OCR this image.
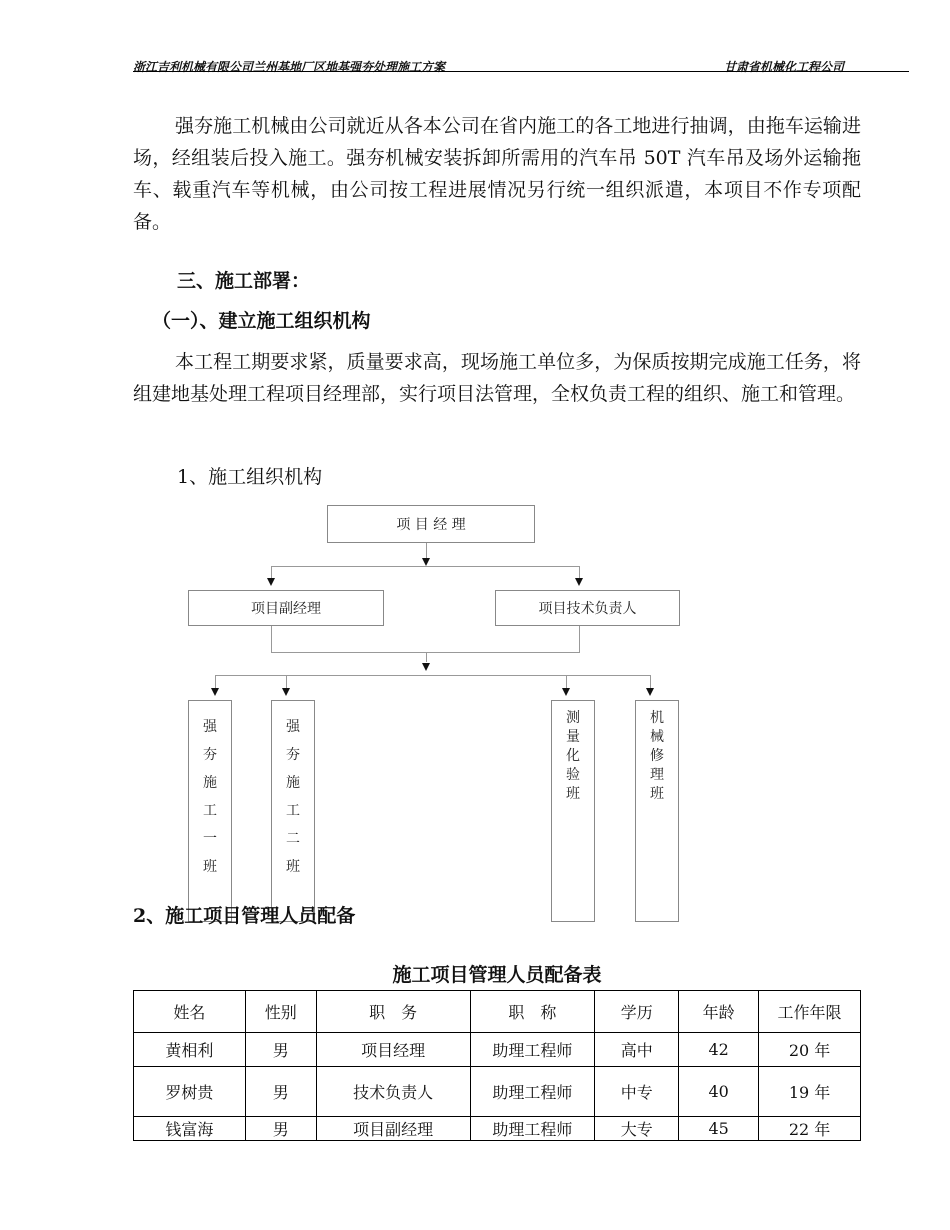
浙江吉利机械有限公司兰州基地厂区地基强夯处理施工方案	甘肃省机械化工程公司
强夯施工机械由公司就近从各本公司在省内施工的各工地进行抽调，由拖车运输进场，经组装后投入施工。强夯机械安装拆卸所需用的汽车吊 50T 汽车吊及场外运输拖车、载重汽车等机械，由公司按工程进展情况另行统一组织派遣，本项目不作专项配备。
三、施工部署：
（一）、建立施工组织机构
本工程工期要求紧，质量要求高，现场施工单位多，为保质按期完成施工任务，将组建地基处理工程项目经理部，实行项目法管理，全权负责工程的组织、施工和管理。
1、施工组织机构
项 目 经 理
项目副经理	项目技术负责人
强
夯
施
工
一
班
强
夯
施
工
二
班
测
量
化
验
班
机
械
修
理
班
2、施工项目管理人员配备
施工项目管理人员配备表
姓名	性别	职　务	职　称	学历	年龄	工作年限
黄相利	男	项目经理	助理工程师	高中	42	20 年
罗树贵	男	技术负责人	助理工程师	中专	40	19 年
钱富海	男	项目副经理	助理工程师	大专	45	22 年
